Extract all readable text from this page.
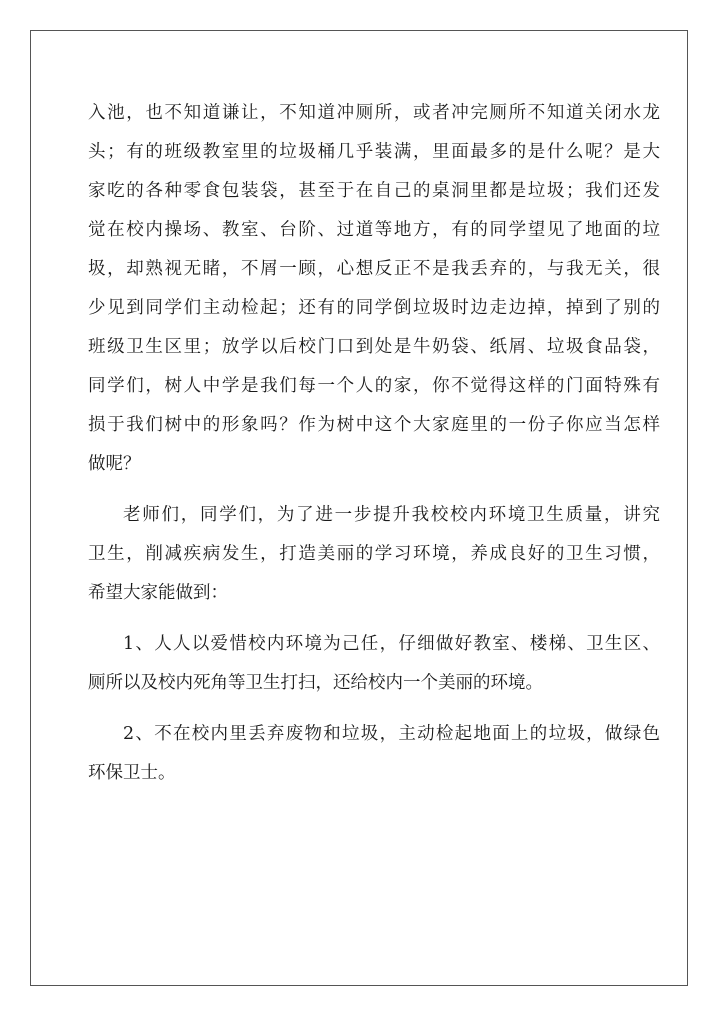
入池，也不知道谦让，不知道冲厕所，或者冲完厕所不知道关闭水龙
头；有的班级教室里的垃圾桶几乎装满，里面最多的是什么呢？是大
家吃的各种零食包装袋，甚至于在自己的桌洞里都是垃圾；我们还发
觉在校内操场、教室、台阶、过道等地方，有的同学望见了地面的垃
圾，却熟视无睹，不屑一顾，心想反正不是我丢弃的，与我无关，很
少见到同学们主动检起；还有的同学倒垃圾时边走边掉，掉到了别的
班级卫生区里；放学以后校门口到处是牛奶袋、纸屑、垃圾食品袋，
同学们，树人中学是我们每一个人的家，你不觉得这样的门面特殊有
损于我们树中的形象吗？作为树中这个大家庭里的一份子你应当怎样
做呢？
老师们，同学们，为了进一步提升我校校内环境卫生质量，讲究
卫生，削减疾病发生，打造美丽的学习环境，养成良好的卫生习惯，
希望大家能做到：
1、人人以爱惜校内环境为己任，仔细做好教室、楼梯、卫生区、
厕所以及校内死角等卫生打扫，还给校内一个美丽的环境。
2、不在校内里丢弃废物和垃圾，主动检起地面上的垃圾，做绿色
环保卫士。
